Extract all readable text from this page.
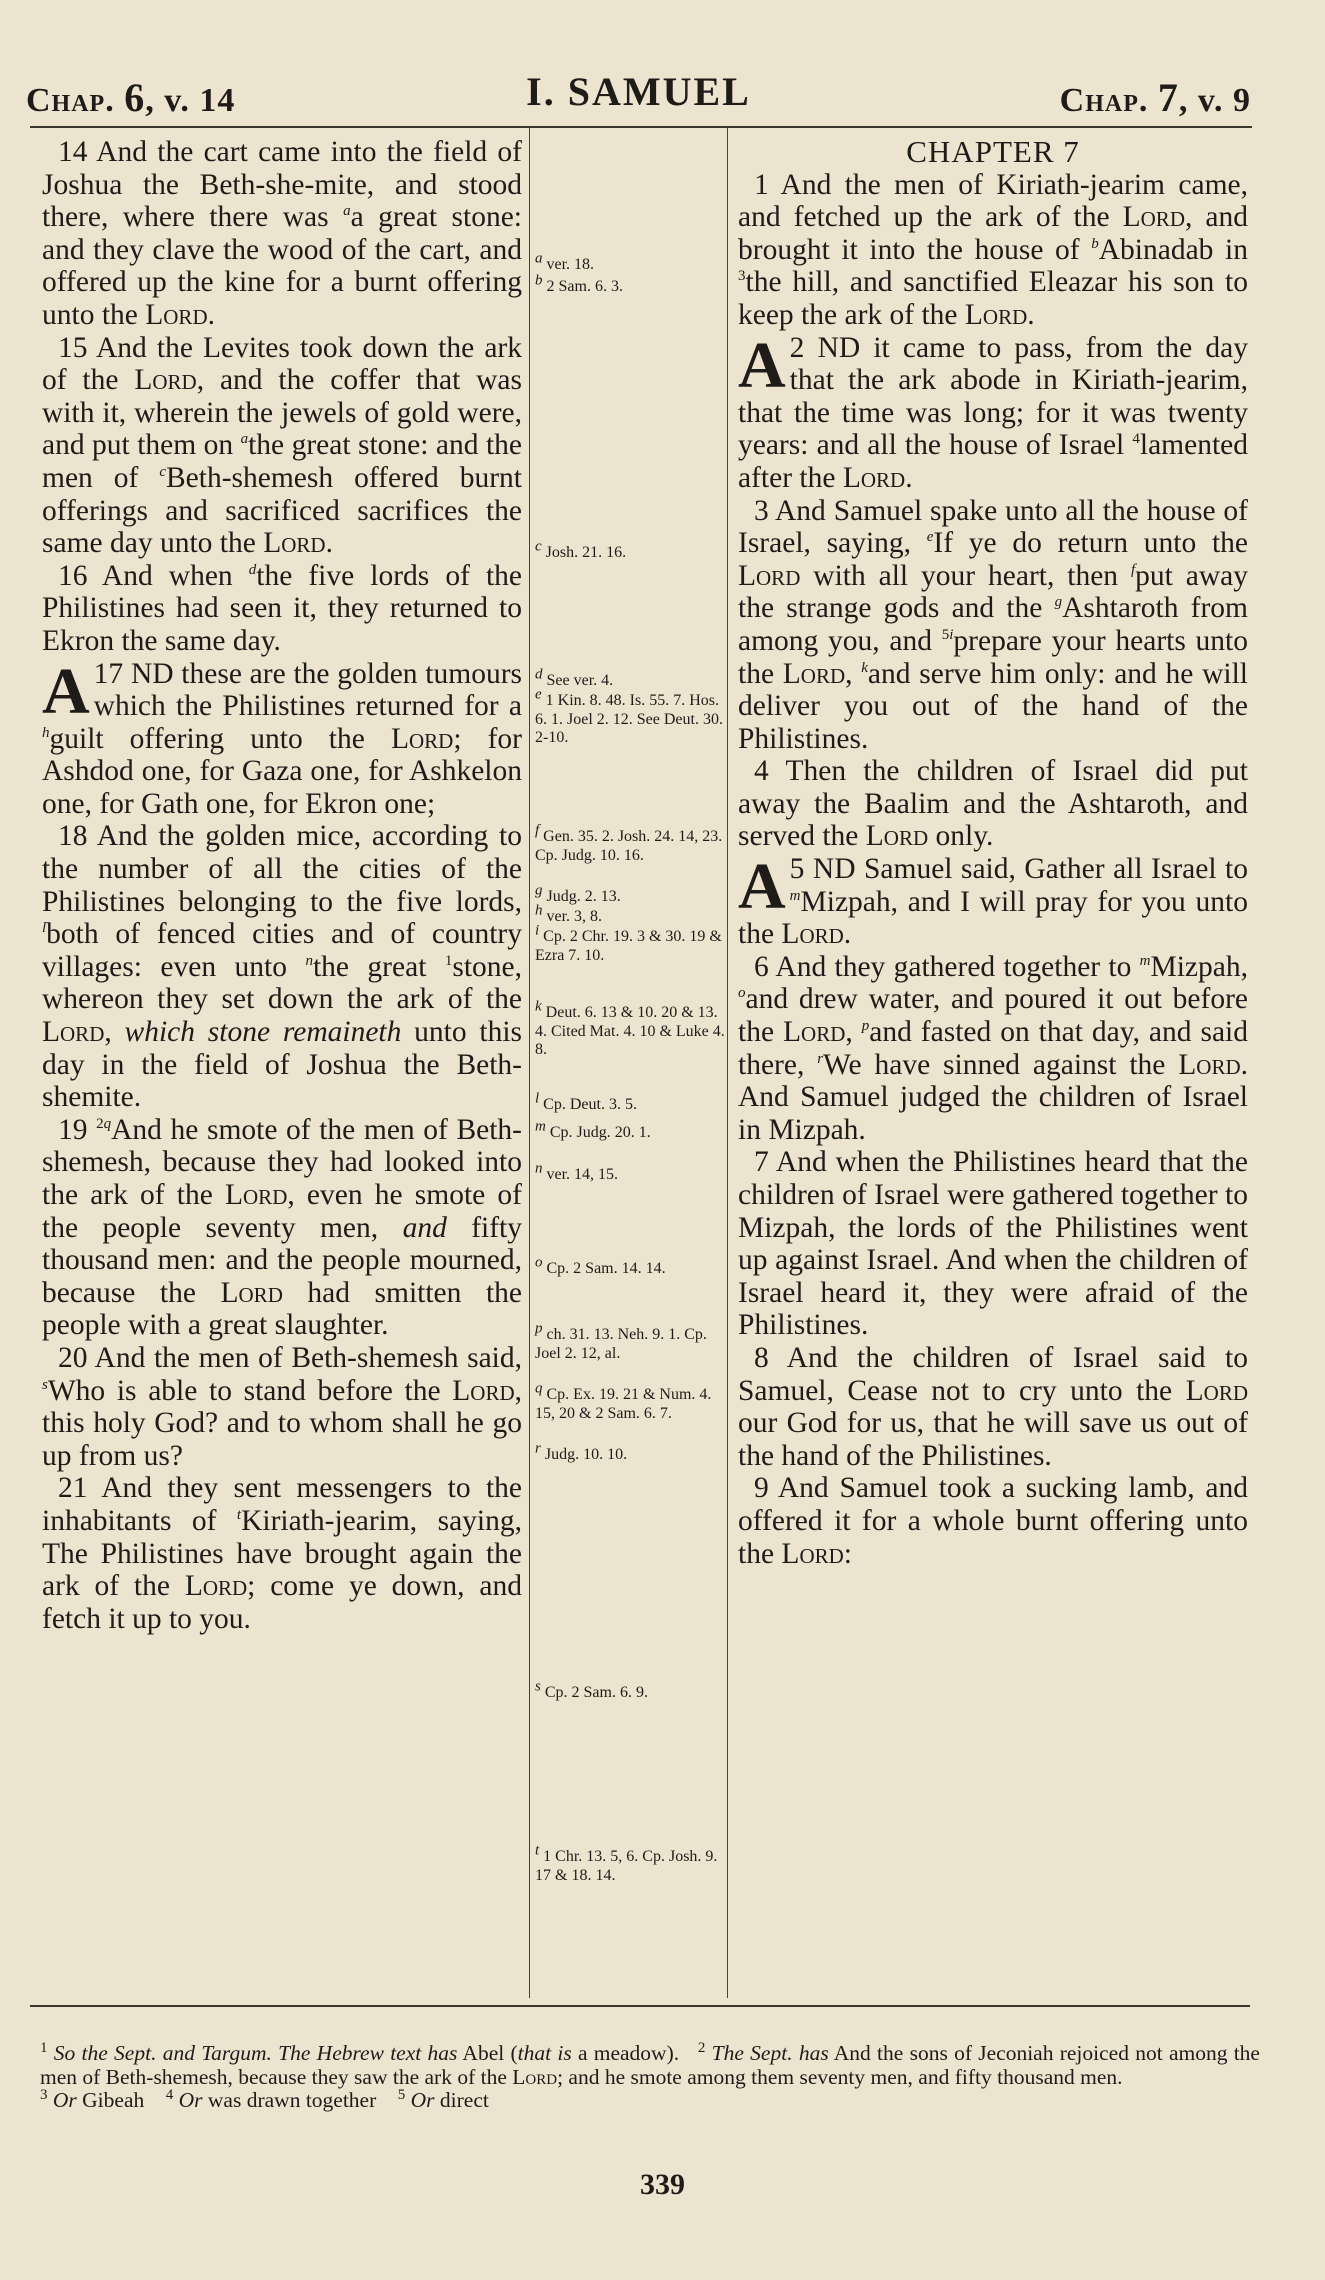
Chap. 6, v. 14	I. SAMUEL	Chap. 7, v. 9

14 And the cart came into the field of Joshua the Beth-she-mite, and stood there, where there was $^a$a great stone: and they clave the wood of the cart, and offered up the kine for a burnt offering unto the Lord.

15 And the Levites took down the ark of the Lord, and the coffer that was with it, wherein the jewels of gold were, and put them on $^a$the great stone: and the men of $^c$Beth-shemesh offered burnt offerings and sacrificed sacrifices the same day unto the Lord.

16 And when $^d$the five lords of the Philistines had seen it, they returned to Ekron the same day.

17
A ND these are the golden tumours which the Philistines returned for a $^h$guilt offering unto the Lord; for Ashdod one, for Gaza one, for Ashkelon one, for Gath one, for Ekron one;

18 And the golden mice, according to the number of all the cities of the Philistines belonging to the five lords, $^l$both of fenced cities and of country villages: even unto $^n$the great $^1$stone, whereon they set down the ark of the Lord, which stone remaineth unto this day in the field of Joshua the Beth-shemite.

19 $^{2q}$And he smote of the men of Beth-shemesh, because they had looked into the ark of the Lord, even he smote of the people seventy men, and fifty thousand men: and the people mourned, because the Lord had smitten the people with a great slaughter.

20 And the men of Beth-shemesh said, $^s$Who is able to stand before the Lord, this holy God? and to whom shall he go up from us?

21 And they sent messengers to the inhabitants of $^t$Kiriath-jearim, saying, The Philistines have brought again the ark of the Lord; come ye down, and fetch it up to you.

$^a$ ver. 18.
$^b$ 2 Sam. 6. 3.
$^c$ Josh. 21. 16.
$^d$ See ver. 4.
$^e$ 1 Kin. 8. 48. Is. 55. 7. Hos. 6. 1. Joel 2. 12. See Deut. 30. 2-10.
$^f$ Gen. 35. 2. Josh. 24. 14, 23. Cp. Judg. 10. 16.
$^g$ Judg. 2. 13.
$^h$ ver. 3, 8.
$^i$ Cp. 2 Chr. 19. 3 & 30. 19 & Ezra 7. 10.
$^k$ Deut. 6. 13 & 10. 20 & 13. 4. Cited Mat. 4. 10 & Luke 4. 8.
$^l$ Cp. Deut. 3. 5.
$^m$ Cp. Judg. 20. 1.
$^n$ ver. 14, 15.
$^o$ Cp. 2 Sam. 14. 14.
$^p$ ch. 31. 13. Neh. 9. 1. Cp. Joel 2. 12, al.
$^q$ Cp. Ex. 19. 21 & Num. 4. 15, 20 & 2 Sam. 6. 7.
$^r$ Judg. 10. 10.
$^s$ Cp. 2 Sam. 6. 9.
$^t$ 1 Chr. 13. 5, 6. Cp. Josh. 9. 17 & 18. 14.

CHAPTER 7

1 And the men of Kiriath-jearim came, and fetched up the ark of the Lord, and brought it into the house of $^b$Abinadab in $^3$the hill, and sanctified Eleazar his son to keep the ark of the Lord.

2
A ND it came to pass, from the day that the ark abode in Kiriath-jearim, that the time was long; for it was twenty years: and all the house of Israel $^4$lamented after the Lord.

3 And Samuel spake unto all the house of Israel, saying, $^e$If ye do return unto the Lord with all your heart, then $^f$put away the strange gods and the $^g$Ashtaroth from among you, and $^{5i}$prepare your hearts unto the Lord, $^k$and serve him only: and he will deliver you out of the hand of the Philistines.

4 Then the children of Israel did put away the Baalim and the Ashtaroth, and served the Lord only.

5
A ND Samuel said, Gather all Israel to $^m$Mizpah, and I will pray for you unto the Lord.

6 And they gathered together to $^m$Mizpah, $^o$and drew water, and poured it out before the Lord, $^p$and fasted on that day, and said there, $^r$We have sinned against the Lord. And Samuel judged the children of Israel in Mizpah.

7 And when the Philistines heard that the children of Israel were gathered together to Mizpah, the lords of the Philistines went up against Israel. And when the children of Israel heard it, they were afraid of the Philistines.

8 And the children of Israel said to Samuel, Cease not to cry unto the Lord our God for us, that he will save us out of the hand of the Philistines.

9 And Samuel took a sucking lamb, and offered it for a whole burnt offering unto the Lord:

$^1$ So the Sept. and Targum. The Hebrew text has Abel (that is a meadow). $^2$ The Sept. has And the sons of Jeconiah rejoiced not among the men of Beth-shemesh, because they saw the ark of the Lord; and he smote among them seventy men, and fifty thousand men.

$^3$ Or Gibeah $^4$ Or was drawn together $^5$ Or direct

339
